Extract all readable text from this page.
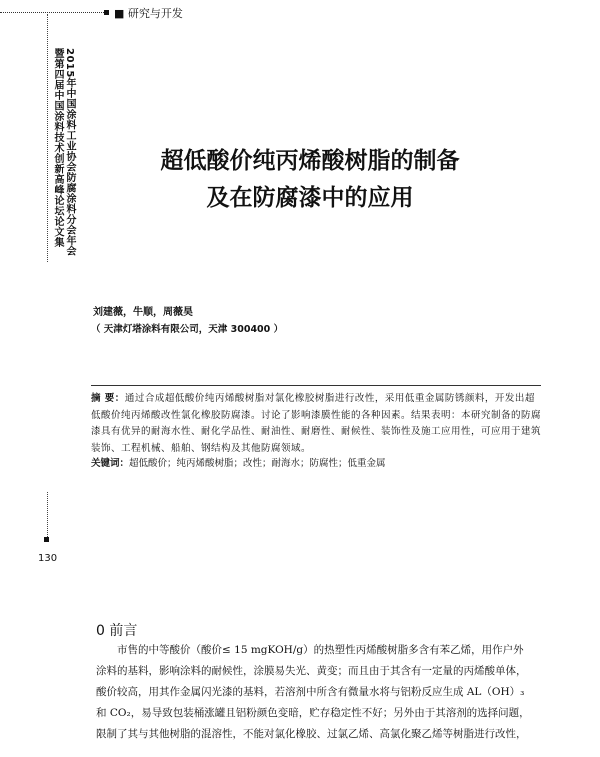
■ 研究与开发
2015年中国涂料工业协会防腐涂料分会年会
暨第四届中国涂料技术创新高峰论坛论文集	超低酸价纯丙烯酸树脂的制备
及在防腐漆中的应用
刘建薇，牛顺，周薇昊
（ 天津灯塔涂料有限公司，天津 300400 ）
摘 要：通过合成超低酸价纯丙烯酸树脂对氯化橡胶树脂进行改性，采用低重金属防锈颜料，开发出超低酸价纯丙烯酸改性氯化橡胶防腐漆。讨论了影响漆膜性能的各种因素。结果表明：本研究制备的防腐漆具有优异的耐海水性、耐化学品性、耐油性、耐磨性、耐候性、装饰性及施工应用性，可应用于建筑装饰、工程机械、船舶、钢结构及其他防腐领域。
关键词：超低酸价；纯丙烯酸树脂；改性；耐海水；防腐性；低重金属
130
0 前言
市售的中等酸价（酸价≤ 15 mgKOH/g）的热塑性丙烯酸树脂多含有苯乙烯，用作户外
涂料的基料，影响涂料的耐候性，涂膜易失光、黄变；而且由于其含有一定量的丙烯酸单体，
酸价较高，用其作金属闪光漆的基料，若溶剂中所含有微量水将与铝粉反应生成 AL（OH）₃
和 CO₂，易导致包装桶涨罐且铝粉颜色变暗，贮存稳定性不好；另外由于其溶剂的选择问题，
限制了其与其他树脂的混溶性，不能对氯化橡胶、过氯乙烯、高氯化聚乙烯等树脂进行改性，
